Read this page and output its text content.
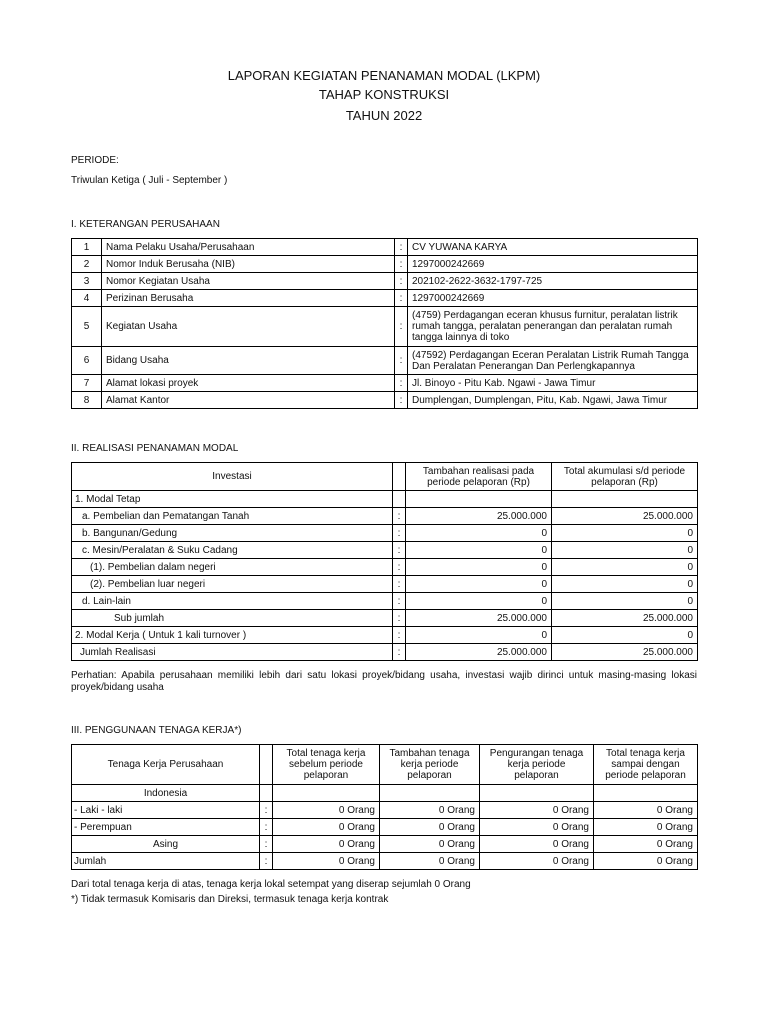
LAPORAN KEGIATAN PENANAMAN MODAL (LKPM)
TAHAP KONSTRUKSI
TAHUN 2022
PERIODE:
Triwulan Ketiga ( Juli - September )
I. KETERANGAN PERUSAHAAN
1	Nama Pelaku Usaha/Perusahaan	:	CV YUWANA KARYA
2	Nomor Induk Berusaha (NIB)	:	1297000242669
3	Nomor Kegiatan Usaha	:	202102-2622-3632-1797-725
4	Perizinan Berusaha	:	1297000242669
5	Kegiatan Usaha	:	(4759) Perdagangan eceran khusus furnitur, peralatan listrik rumah tangga, peralatan penerangan dan peralatan rumah tangga lainnya di toko
6	Bidang Usaha	:	(47592) Perdagangan Eceran Peralatan Listrik Rumah Tangga Dan Peralatan Penerangan Dan Perlengkapannya
7	Alamat lokasi proyek	:	Jl. Binoyo - Pitu Kab. Ngawi - Jawa Timur
8	Alamat Kantor	:	Dumplengan, Dumplengan, Pitu, Kab. Ngawi, Jawa Timur
II. REALISASI PENANAMAN MODAL
Investasi		Tambahan realisasi pada periode pelaporan (Rp)	Total akumulasi s/d periode pelaporan (Rp)
1. Modal Tetap			
a. Pembelian dan Pematangan Tanah	:	25.000.000	25.000.000
b. Bangunan/Gedung	:	0	0
c. Mesin/Peralatan & Suku Cadang	:	0	0
(1). Pembelian dalam negeri	:	0	0
(2). Pembelian luar negeri	:	0	0
d. Lain-lain	:	0	0
Sub jumlah	:	25.000.000	25.000.000
2. Modal Kerja ( Untuk 1 kali turnover )	:	0	0
Jumlah Realisasi	:	25.000.000	25.000.000
Perhatian: Apabila perusahaan memiliki lebih dari satu lokasi proyek/bidang usaha, investasi wajib dirinci untuk masing-masing lokasi proyek/bidang usaha
III. PENGGUNAAN TENAGA KERJA*)
Tenaga Kerja Perusahaan		Total tenaga kerja sebelum periode pelaporan	Tambahan tenaga kerja periode pelaporan	Pengurangan tenaga kerja periode pelaporan	Total tenaga kerja sampai dengan periode pelaporan
Indonesia					
- Laki - laki	:	0 Orang	0 Orang	0 Orang	0 Orang
- Perempuan	:	0 Orang	0 Orang	0 Orang	0 Orang
Asing	:	0 Orang	0 Orang	0 Orang	0 Orang
Jumlah	:	0 Orang	0 Orang	0 Orang	0 Orang
Dari total tenaga kerja di atas, tenaga kerja lokal setempat yang diserap sejumlah 0 Orang
*) Tidak termasuk Komisaris dan Direksi, termasuk tenaga kerja kontrak
